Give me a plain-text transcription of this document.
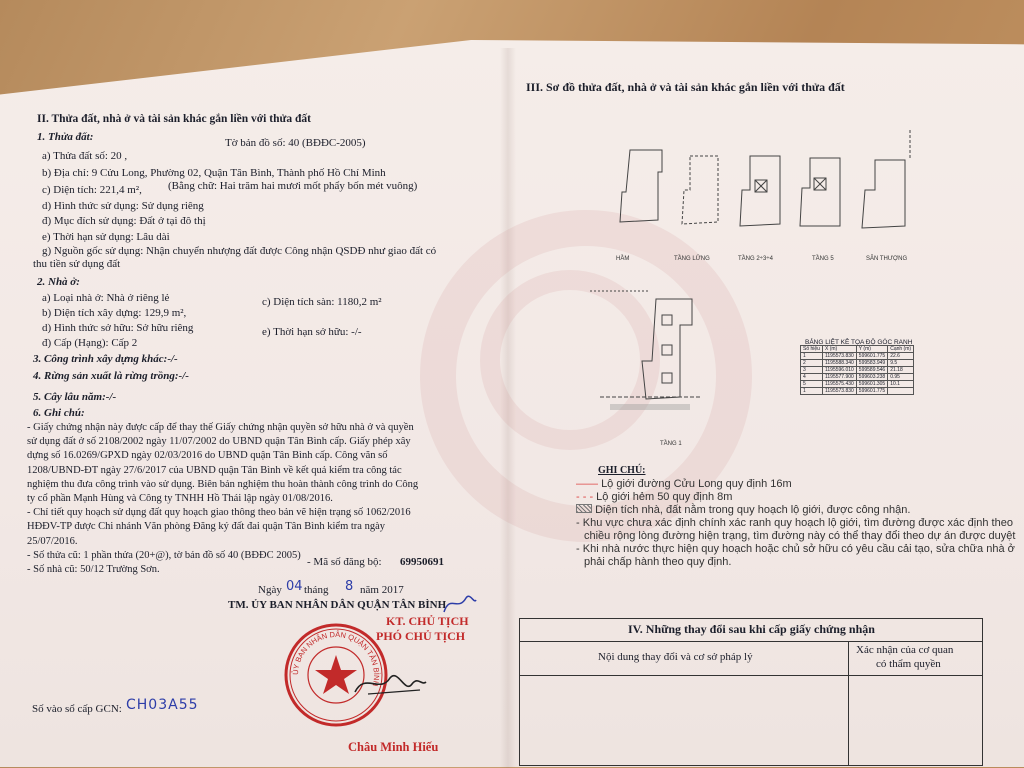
II. Thửa đất, nhà ở và tài sản khác gắn liền với thửa đất
1. Thửa đất:
a) Thửa đất số: 20 ,
Tờ bản đồ số: 40 (BĐĐC-2005)
b) Địa chỉ: 9 Cửu Long, Phường 02, Quận Tân Bình, Thành phố Hồ Chí Minh
c) Diện tích: 221,4 m², (Bằng chữ: Hai trăm hai mươi mốt phẩy bốn mét vuông)
d) Hình thức sử dụng: Sử dụng riêng
đ) Mục đích sử dụng: Đất ở tại đô thị
e) Thời hạn sử dụng: Lâu dài
g) Nguồn gốc sử dụng: Nhận chuyển nhượng đất được Công nhận QSDĐ như giao đất có
thu tiền sử dụng đất
2. Nhà ở:
a) Loại nhà ở: Nhà ở riêng lẻ
b) Diện tích xây dựng: 129,9 m²,
c) Diện tích sàn: 1180,2 m²
d) Hình thức sở hữu: Sở hữu riêng	e) Thời hạn sở hữu: -/-
đ) Cấp (Hạng): Cấp 2
3. Công trình xây dựng khác:-/-
4. Rừng sản xuất là rừng trồng:-/-
5. Cây lâu năm:-/-
6. Ghi chú:
- Giấy chứng nhận này được cấp để thay thế Giấy chứng nhận quyền sở hữu nhà ở và quyền
sử dụng đất ở số 2108/2002 ngày 11/07/2002 do UBND quận Tân Bình cấp. Giấy phép xây
dựng số 16.0269/GPXD ngày 02/03/2016 do UBND quận Tân Bình cấp. Công văn số
1208/UBND-ĐT ngày 27/6/2017 của UBND quận Tân Bình về kết quả kiểm tra công tác
nghiệm thu đưa công trình vào sử dụng. Biên bản nghiệm thu hoàn thành công trình do Công
ty cổ phần Mạnh Hùng và Công ty TNHH Hồ Thái lập ngày 01/08/2016.
- Chỉ tiết quy hoạch sử dụng đất quy hoạch giao thông theo bản vẽ hiện trạng số 1062/2016
HĐĐV-TP được Chi nhánh Văn phòng Đăng ký đất đai quận Tân Bình kiểm tra ngày
25/07/2016.
- Số thửa cũ: 1 phần thửa (20+@), tờ bản đồ số 40 (BĐĐC 2005)
- Số nhà cũ: 50/12 Trường Sơn.
- Mã số đăng bộ: 69950691
Ngày 04 tháng 8 năm 2017
TM. ỦY BAN NHÂN DÂN QUẬN TÂN BÌNH
KT. CHỦ TỊCH
PHÓ CHỦ TỊCH
ỦY BAN NHÂN DÂN QUẬN TÂN BÌNH
Số vào sổ cấp GCN: CH03A55
Châu Minh Hiếu
III. Sơ đồ thửa đất, nhà ở và tài sản khác gắn liền với thửa đất
HẦM	TẦNG LỬNG	TẦNG 2÷3÷4	TẦNG 5	SÂN THƯỢNG
TẦNG 1
BẢNG LIỆT KÊ TỌA ĐỘ GÓC RANH
Số hiệu	X (m)	Y (m)	Cạnh (m)
1	1195573.830	599601.775	22.6
2	1195588.340	599583.949	9.5
3	1195596.010	599589.546	21.18
4	1195577.900	599603.238	0.95
5	1195575.430	599601.305	10.1
1	1195573.830	599601.775	
GHI CHÚ:
—— Lộ giới đường Cửu Long quy định 16m
- - - Lộ giới hẻm 50 quy định 8m
Diện tích nhà, đất nằm trong quy hoạch lộ giới, được công nhận.
- Khu vực chưa xác định chính xác ranh quy hoạch lộ giới, tìm đường được xác định theo
chiều rộng lòng đường hiện trạng, tìm đường này có thể thay đổi theo dự án được duyệt
- Khi nhà nước thực hiện quy hoạch hoặc chủ sở hữu có yêu cầu cải tạo, sửa chữa nhà ở
phải chấp hành theo quy định.
IV. Những thay đổi sau khi cấp giấy chứng nhận
Nội dung thay đổi và cơ sở pháp lý
Xác nhận của cơ quan
có thẩm quyền
